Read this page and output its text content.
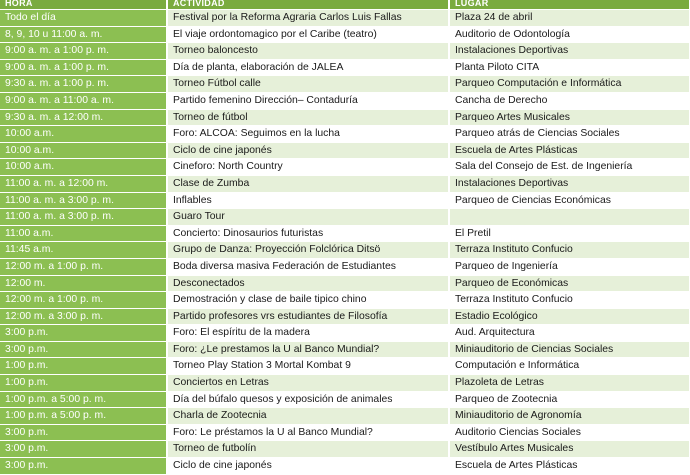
HORA	ACTIVIDAD	LUGAR
Todo el día	Festival por la Reforma Agraria Carlos Luis Fallas	Plaza 24 de abril
8, 9, 10 u 11:00 a. m.	El viaje ordontomagico por el Caribe (teatro)	Auditorio de Odontología
9:00 a. m. a 1:00 p. m.	Torneo baloncesto	Instalaciones Deportivas
9:00 a. m. a 1:00 p. m.	Día de planta, elaboración de JALEA	Planta Piloto CITA
9:30 a. m. a 1:00 p. m.	Torneo Fútbol calle	Parqueo Computación e Informática
9:00 a. m. a 11:00 a. m.	Partido femenino Dirección– Contaduría	Cancha de Derecho
9:30 a. m. a 12:00 m.	Torneo de fútbol	Parqueo Artes Musicales
10:00 a.m.	Foro: ALCOA: Seguimos en la lucha	Parqueo atrás de Ciencias Sociales
10:00 a.m.	Ciclo de cine japonés	Escuela de Artes Plásticas
10:00 a.m.	Cineforo: North Country	Sala del Consejo de Est. de Ingeniería
11:00 a. m. a 12:00 m.	Clase de Zumba	Instalaciones Deportivas
11:00 a. m. a 3:00 p. m.	Inflables	Parqueo de Ciencias Económicas
11:00 a. m. a 3:00 p. m.	Guaro Tour	
11:00 a.m.	Concierto: Dinosaurios futuristas	El Pretil
11:45 a.m.	Grupo de Danza: Proyección Folclórica Ditsö	Terraza Instituto Confucio
12:00 m. a 1:00 p. m.	Boda diversa masiva Federación de Estudiantes	Parqueo de Ingeniería
12:00 m.	Desconectados	Parqueo de Económicas
12:00 m. a 1:00 p. m.	Demostración y clase de baile tipico chino	Terraza Instituto Confucio
12:00 m. a 3:00 p. m.	Partido profesores vrs estudiantes de Filosofía	Estadio Ecológico
3:00 p.m.	Foro: El espíritu de la madera	Aud. Arquitectura
3:00 p.m.	Foro: ¿Le prestamos la U al Banco Mundial?	Miniauditorio de Ciencias Sociales
1:00 p.m.	Torneo Play Station 3 Mortal Kombat 9	Computación e Informática
1:00 p.m.	Conciertos en Letras	Plazoleta de Letras
1:00 p.m. a 5:00 p. m.	Día del búfalo quesos y exposición de animales	Parqueo de Zootecnia
1:00 p.m. a 5:00 p. m.	Charla de Zootecnia	Miniauditorio de Agronomía
3:00 p.m.	Foro: Le préstamos la U al Banco Mundial?	Auditorio Ciencias Sociales
3:00 p.m.	Torneo de futbolín	Vestíbulo Artes Musicales
3:00 p.m.	Ciclo de cine japonés	Escuela de Artes Plásticas
